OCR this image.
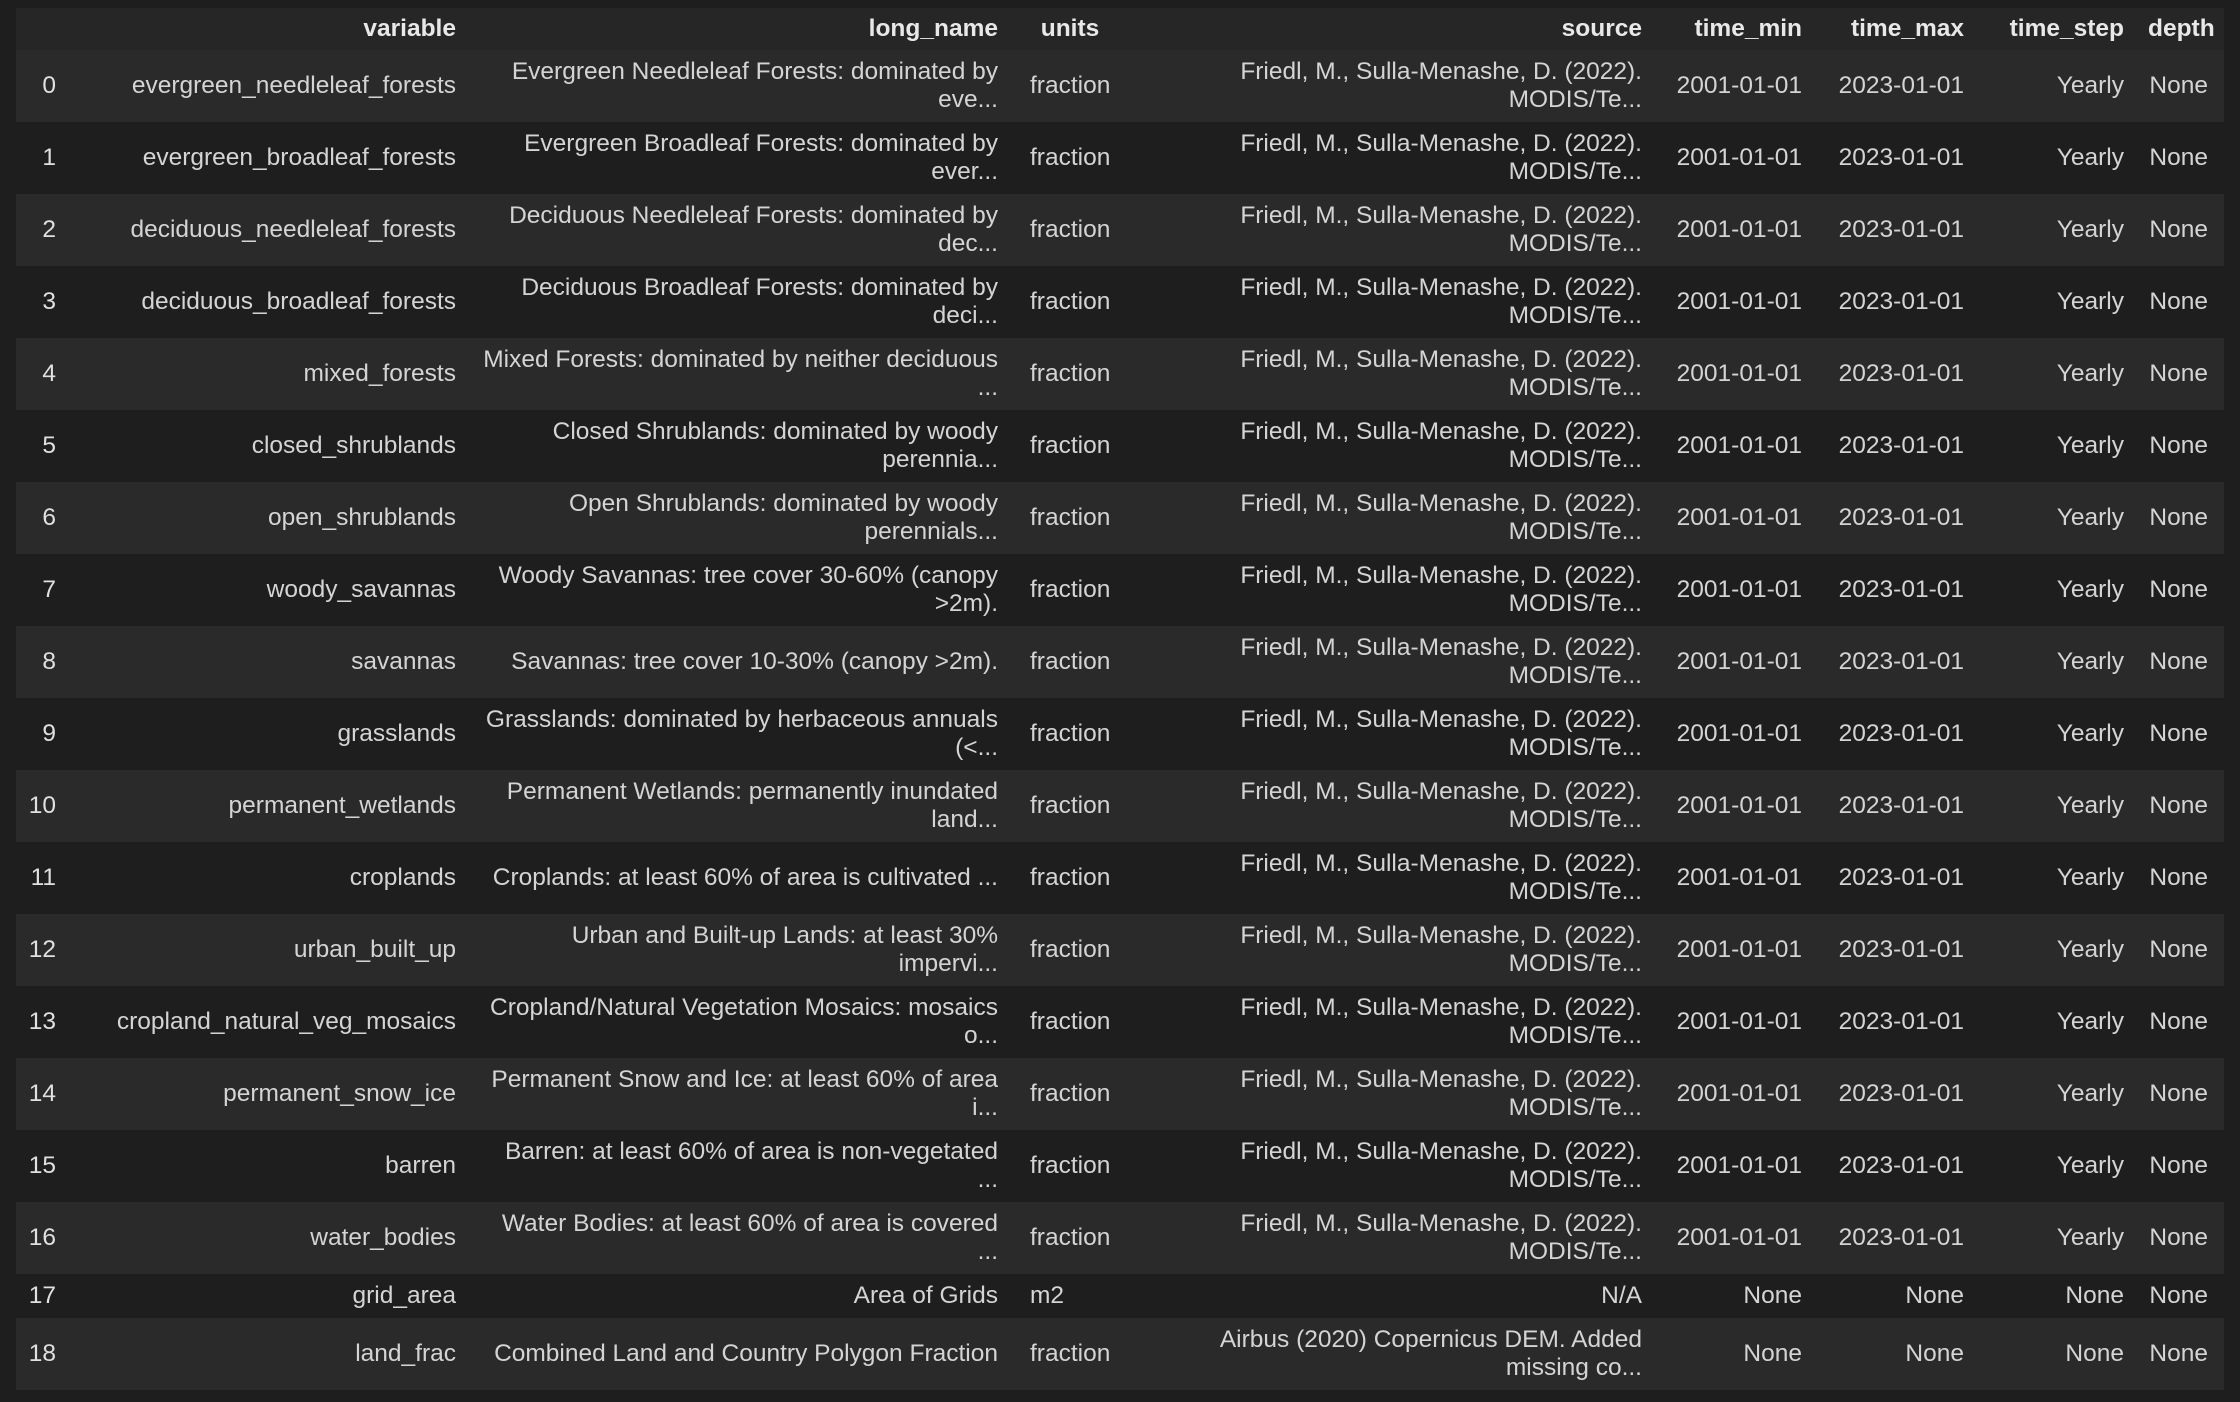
	variable	long_name	units	source	time_min	time_max	time_step	depth
0	evergreen_needleleaf_forests	Evergreen Needleleaf Forests: dominated by eve...	fraction	Friedl, M., Sulla-Menashe, D. (2022). MODIS/Te...	2001-01-01	2023-01-01	Yearly	None
1	evergreen_broadleaf_forests	Evergreen Broadleaf Forests: dominated by ever...	fraction	Friedl, M., Sulla-Menashe, D. (2022). MODIS/Te...	2001-01-01	2023-01-01	Yearly	None
2	deciduous_needleleaf_forests	Deciduous Needleleaf Forests: dominated by dec...	fraction	Friedl, M., Sulla-Menashe, D. (2022). MODIS/Te...	2001-01-01	2023-01-01	Yearly	None
3	deciduous_broadleaf_forests	Deciduous Broadleaf Forests: dominated by deci...	fraction	Friedl, M., Sulla-Menashe, D. (2022). MODIS/Te...	2001-01-01	2023-01-01	Yearly	None
4	mixed_forests	Mixed Forests: dominated by neither deciduous ...	fraction	Friedl, M., Sulla-Menashe, D. (2022). MODIS/Te...	2001-01-01	2023-01-01	Yearly	None
5	closed_shrublands	Closed Shrublands: dominated by woody perennia...	fraction	Friedl, M., Sulla-Menashe, D. (2022). MODIS/Te...	2001-01-01	2023-01-01	Yearly	None
6	open_shrublands	Open Shrublands: dominated by woody perennials...	fraction	Friedl, M., Sulla-Menashe, D. (2022). MODIS/Te...	2001-01-01	2023-01-01	Yearly	None
7	woody_savannas	Woody Savannas: tree cover 30-60% (canopy >2m).	fraction	Friedl, M., Sulla-Menashe, D. (2022). MODIS/Te...	2001-01-01	2023-01-01	Yearly	None
8	savannas	Savannas: tree cover 10-30% (canopy >2m).	fraction	Friedl, M., Sulla-Menashe, D. (2022). MODIS/Te...	2001-01-01	2023-01-01	Yearly	None
9	grasslands	Grasslands: dominated by herbaceous annuals (<...	fraction	Friedl, M., Sulla-Menashe, D. (2022). MODIS/Te...	2001-01-01	2023-01-01	Yearly	None
10	permanent_wetlands	Permanent Wetlands: permanently inundated land...	fraction	Friedl, M., Sulla-Menashe, D. (2022). MODIS/Te...	2001-01-01	2023-01-01	Yearly	None
11	croplands	Croplands: at least 60% of area is cultivated ...	fraction	Friedl, M., Sulla-Menashe, D. (2022). MODIS/Te...	2001-01-01	2023-01-01	Yearly	None
12	urban_built_up	Urban and Built-up Lands: at least 30% impervi...	fraction	Friedl, M., Sulla-Menashe, D. (2022). MODIS/Te...	2001-01-01	2023-01-01	Yearly	None
13	cropland_natural_veg_mosaics	Cropland/Natural Vegetation Mosaics: mosaics o...	fraction	Friedl, M., Sulla-Menashe, D. (2022). MODIS/Te...	2001-01-01	2023-01-01	Yearly	None
14	permanent_snow_ice	Permanent Snow and Ice: at least 60% of area i...	fraction	Friedl, M., Sulla-Menashe, D. (2022). MODIS/Te...	2001-01-01	2023-01-01	Yearly	None
15	barren	Barren: at least 60% of area is non-vegetated ...	fraction	Friedl, M., Sulla-Menashe, D. (2022). MODIS/Te...	2001-01-01	2023-01-01	Yearly	None
16	water_bodies	Water Bodies: at least 60% of area is covered ...	fraction	Friedl, M., Sulla-Menashe, D. (2022). MODIS/Te...	2001-01-01	2023-01-01	Yearly	None
17	grid_area	Area of Grids	m2	N/A	None	None	None	None
18	land_frac	Combined Land and Country Polygon Fraction	fraction	Airbus (2020) Copernicus DEM. Added missing co...	None	None	None	None
